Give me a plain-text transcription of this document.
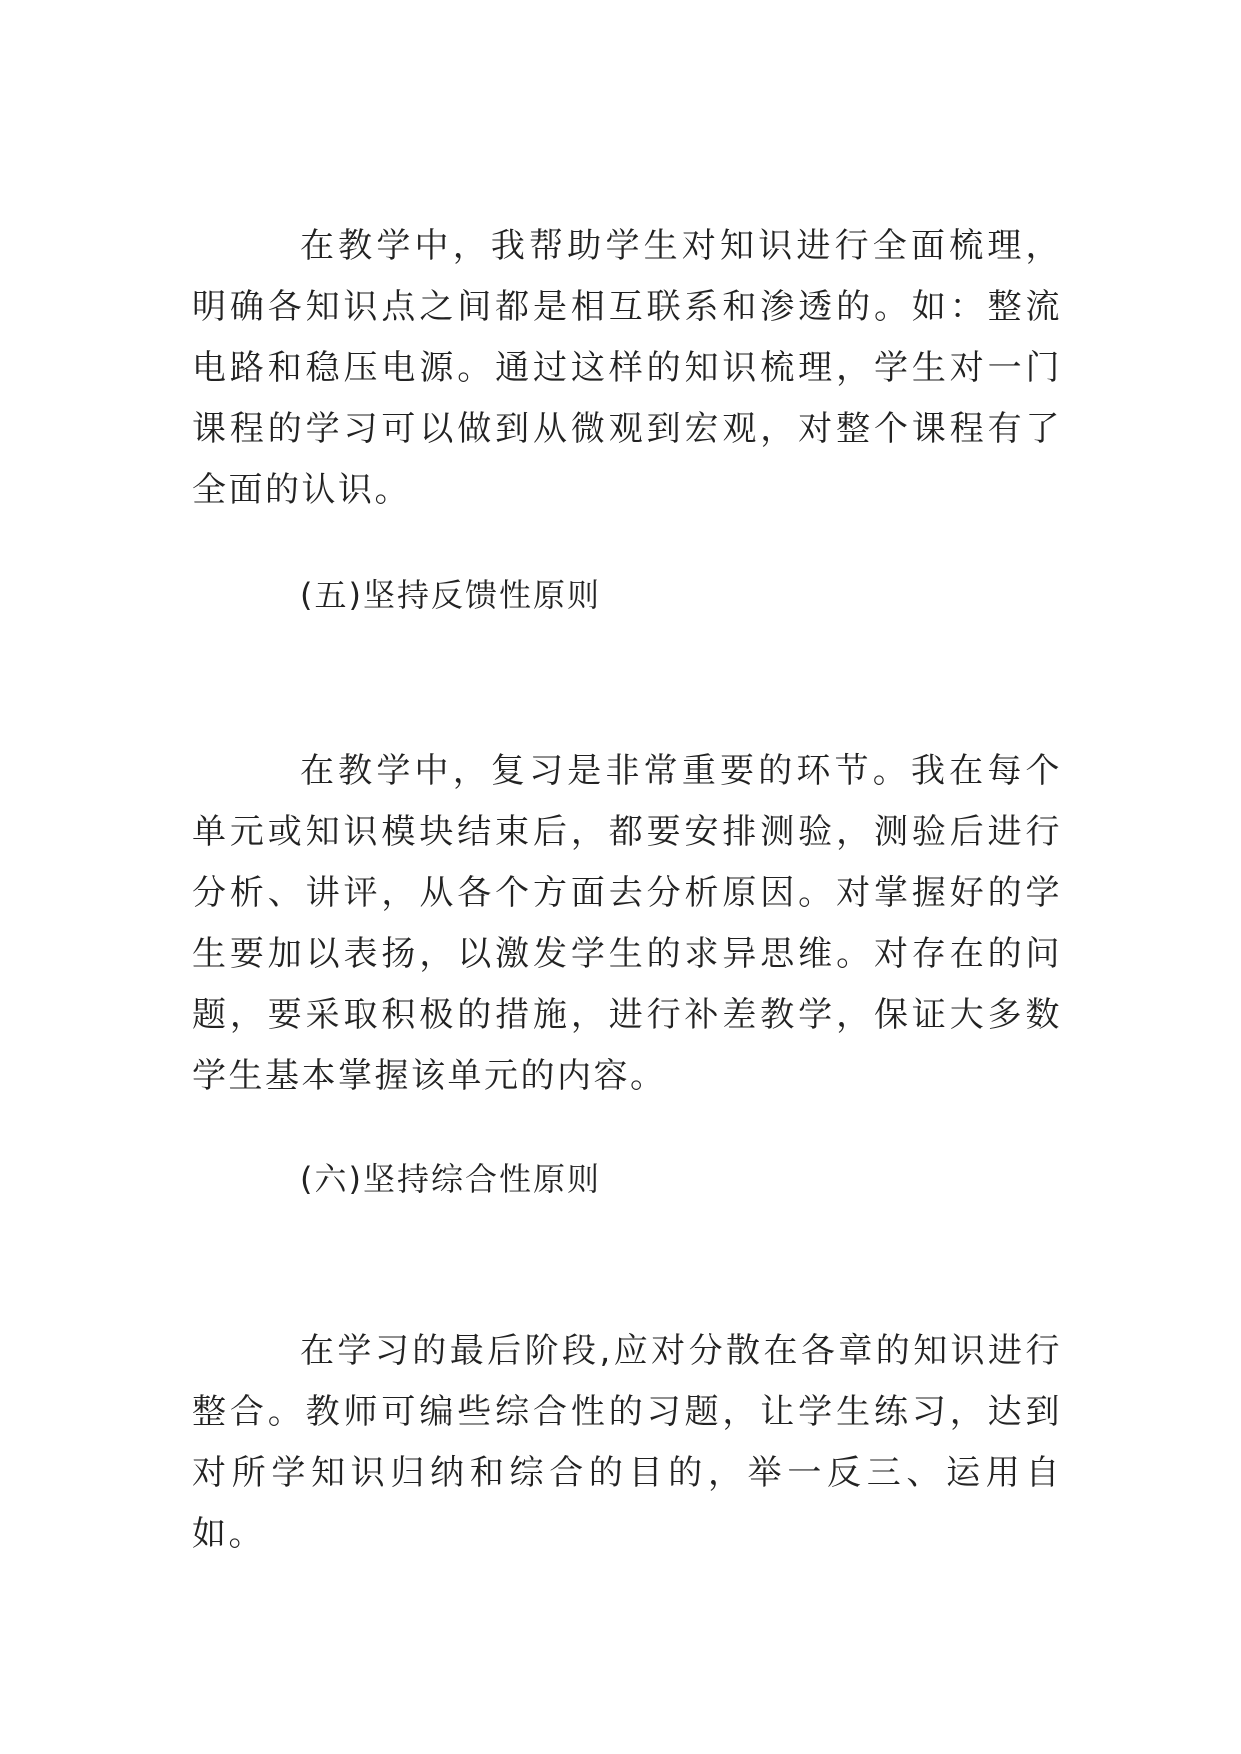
在教学中，我帮助学生对知识进行全面梳理，明确各知识点之间都是相互联系和渗透的。如：整流电路和稳压电源。通过这样的知识梳理，学生对一门课程的学习可以做到从微观到宏观，对整个课程有了全面的认识。

(五)坚持反馈性原则

在教学中，复习是非常重要的环节。我在每个单元或知识模块结束后，都要安排测验，测验后进行分析、讲评，从各个方面去分析原因。对掌握好的学生要加以表扬，以激发学生的求异思维。对存在的问题，要采取积极的措施，进行补差教学，保证大多数学生基本掌握该单元的内容。

(六)坚持综合性原则

在学习的最后阶段,应对分散在各章的知识进行整合。教师可编些综合性的习题，让学生练习，达到对所学知识归纳和综合的目的，举一反三、运用自如。
